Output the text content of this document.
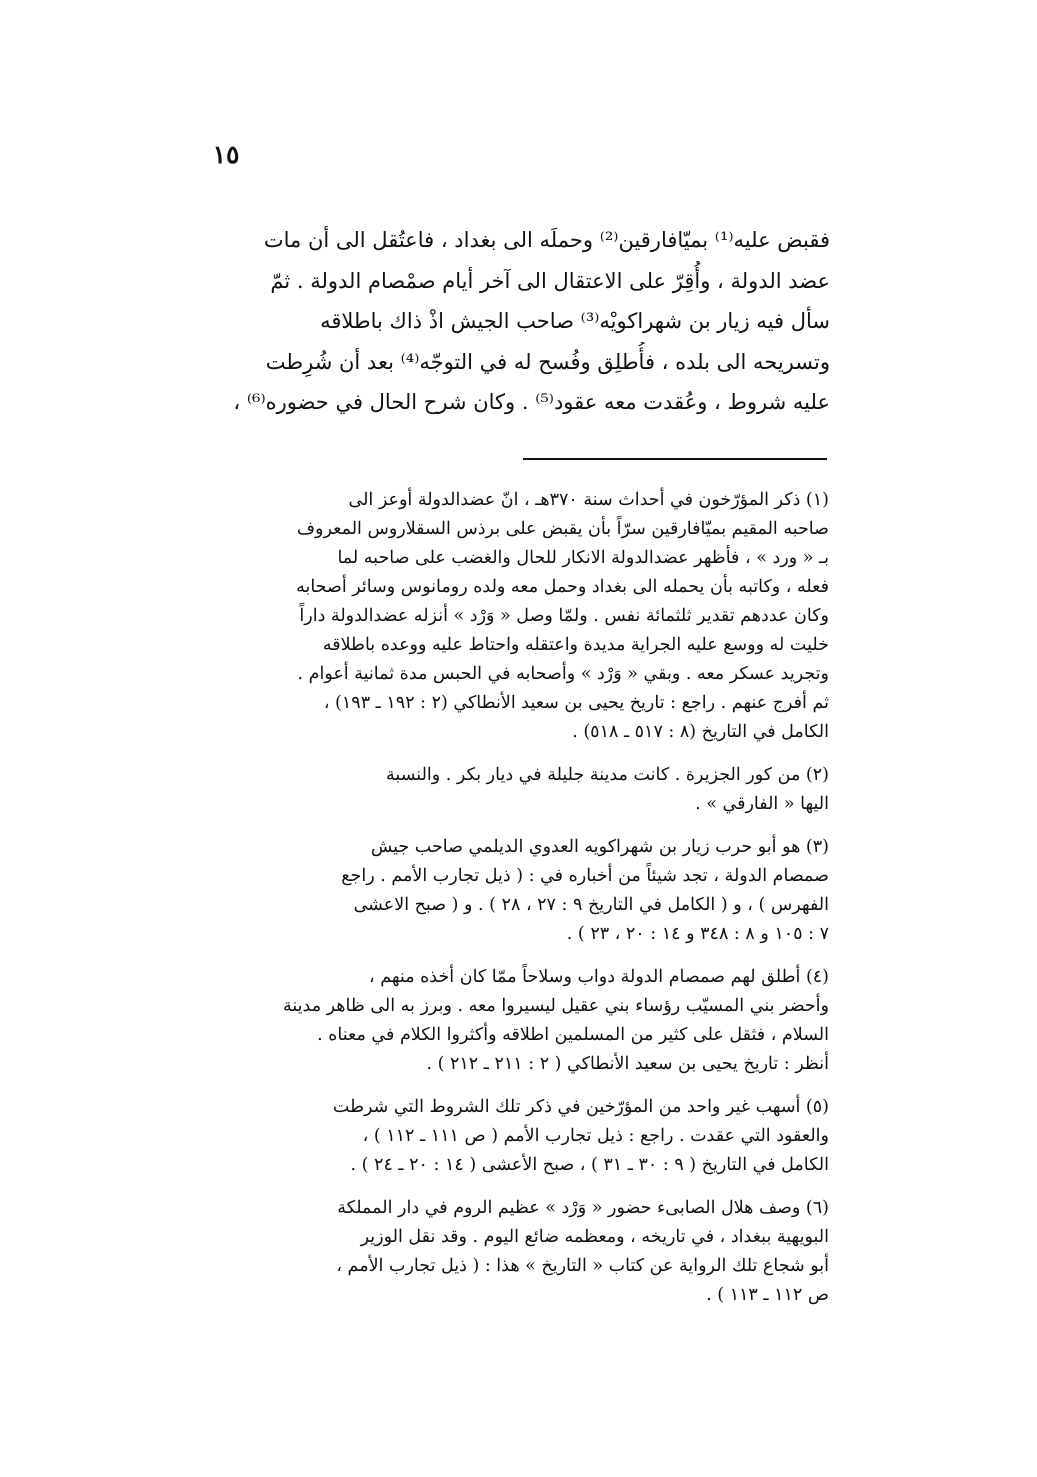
١٥
فقبض عليه⁽¹⁾ بميّافارقين⁽²⁾ وحملَه الى بغداد ، فاعتُقل الى أن مات
عضد الدولة ، وأُقِرّ على الاعتقال الى آخر أيام صمْصام الدولة . ثمّ
سأل فيه زيار بن شهراكويْه⁽³⁾ صاحب الجيش اذْ ذاك باطلاقه
وتسريحه الى بلده ، فأُطلِق وفُسح له في التوجّه⁽⁴⁾ بعد أن شُرِطت
عليه شروط ، وعُقدت معه عقود⁽⁵⁾ . وكان شرح الحال في حضوره⁽⁶⁾ ،
(١) ذكر المؤرّخون في أحداث سنة ٣٧٠هـ ، انّ عضدالدولة أوعز الى
صاحبه المقيم بميّافارقين سرّاً بأن يقبض على برذس السقلاروس المعروف
بـ « ورد » ، فأظهر عضدالدولة الانكار للحال والغضب على صاحبه لما
فعله ، وكاتبه بأن يحمله الى بغداد وحمل معه ولده رومانوس وسائر أصحابه
وكان عددهم تقدير ثلثمائة نفس . ولمّا وصل « وَرْد » أنزله عضدالدولة داراً
خليت له ووسع عليه الجراية مديدة واعتقله واحتاط عليه ووعده باطلاقه
وتجريد عسكر معه . وبقي « وَرْد » وأصحابه في الحبس مدة ثمانية أعوام .
ثم أفرج عنهم . راجع : تاريخ يحيى بن سعيد الأنطاكي (٢ : ١٩٢ ـ ١٩٣) ،
الكامل في التاريخ (٨ : ٥١٧ ـ ٥١٨) .
(٢) من كور الجزيرة . كانت مدينة جليلة في ديار بكر . والنسبة
اليها « الفارقي » .
(٣) هو أبو حرب زيار بن شهراكويه العدوي الديلمي صاحب جيش
صمصام الدولة ، تجد شيئاً من أخباره في : ( ذيل تجارب الأمم . راجع
الفهرس ) ، و ( الكامل في التاريخ ٩ : ٢٧ ، ٢٨ ) . و ( صبح الاعشى
٧ : ١٠٥ و ٨ : ٣٤٨ و ١٤ : ٢٠ ، ٢٣ ) .
(٤) أطلق لهم صمصام الدولة دواب وسلاحاً ممّا كان أخذه منهم ،
وأحضر بني المسيّب رؤساء بني عقيل ليسيروا معه . وبرز به الى ظاهر مدينة
السلام ، فثقل على كثير من المسلمين اطلاقه وأكثروا الكلام في معناه .
أنظر : تاريخ يحيى بن سعيد الأنطاكي ( ٢ : ٢١١ ـ ٢١٢ ) .
(٥) أسهب غير واحد من المؤرّخين في ذكر تلك الشروط التي شرطت
والعقود التي عقدت . راجع : ذيل تجارب الأمم ( ص ١١١ ـ ١١٢ ) ،
الكامل في التاريخ ( ٩ : ٣٠ ـ ٣١ ) ، صبح الأعشى ( ١٤ : ٢٠ ـ ٢٤ ) .
(٦) وصف هلال الصابىء حضور « وَرْد » عظيم الروم في دار المملكة
البويهية ببغداد ، في تاريخه ، ومعظمه ضائع اليوم . وقد نقل الوزير
أبو شجاع تلك الرواية عن كتاب « التاريخ » هذا : ( ذيل تجارب الأمم ،
ص ١١٢ ـ ١١٣ ) .
